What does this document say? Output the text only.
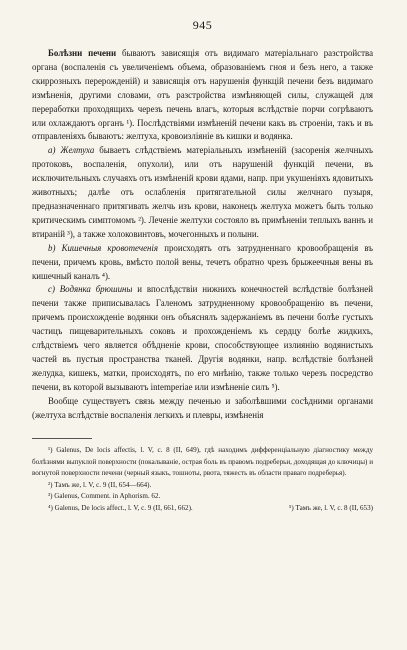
945

Болѣзни печени бываютъ зависящія отъ видимаго матеріальнаго разстройства органа (воспаленія съ увеличеніемъ объема, образованіемъ гноя и безъ него, а также скиррозныхъ перерожденій) и зависящія отъ нарушенія функцій печени безъ видимаго измѣненія, другими словами, отъ разстройства измѣняющей силы, служащей для переработки проходящихъ черезъ печень влагъ, которыя вслѣдствіе порчи согрѣваютъ или охлаждаютъ органъ ¹). Послѣдствіями измѣненій печени какъ въ строеніи, такъ и въ отправленіяхъ бываютъ: желтуха, кровоизліяніе въ кишки и водянка.

а) Желтуха бываетъ слѣдствіемъ матеріальныхъ измѣненій (засоренія желчныхъ протоковъ, воспаленія, опухоли), или отъ нарушеній функцій печени, въ исключительныхъ случаяхъ отъ измѣненій крови ядами, напр. при укушеніяхъ ядовитыхъ животныхъ; далѣе отъ ослабленія притягательной силы желчнаго пузыря, предназначеннаго притягивать желчь изъ крови, наконецъ желтуха можетъ быть только критическимъ симптомомъ ²). Леченіе желтухи состояло въ примѣненіи теплыхъ ваннъ и втираній ³), а также холоковинтовъ, мочегонныхъ и полыни.

b) Кишечныя кровотеченія происходятъ отъ затрудненнаго кровообращенія въ печени, причемъ кровь, вмѣсто полой вены, течетъ обратно чрезъ брыжеечныя вены въ кишечный каналъ ⁴).

c) Водянка брюшины и впослѣдствіи нижнихъ конечностей вслѣдствіе болѣзней печени также приписывалась Галеномъ затрудненному кровообращенію въ печени, причемъ происхожденіе водянки онъ объяснялъ задержаніемъ въ печени болѣе густыхъ частицъ пищеварительныхъ соковъ и прохожденіемъ къ сердцу болѣе жидкихъ, слѣдствіемъ чего является обѣдненіе крови, способствующее излиянію водянистыхъ частей въ пустыя пространства тканей. Другія водянки, напр. вслѣдствіе болѣзней желудка, кишекъ, матки, происходятъ, по его мнѣнію, также только черезъ посредство печени, въ которой вызываютъ intemperiae или измѣненіе силъ ⁵).

Вообще существуетъ связь между печенью и заболѣвшими сосѣдними органами (желтуха вслѣдствіе воспаленія легкихъ и плевры, измѣненія

¹) Galenus, De locis affectis, l. V, c. 8 (II, 649), гдѣ находимъ дифференціальную діагностику между болѣзнями выпуклой поверхности (покалываніе, острая боль въ правомъ подреберьи, доходящая до ключицы) и вогнутой поверхности печени (черный языкъ, тошноты, рвота, тяжесть въ области праваго подреберья).

²) Тамъ же, l. V, c. 9 (II, 654—664).

³) Galenus, Comment. in Aphorism. 62.

⁴) Galenus, De locis affect., l. V, c. 9 (II, 661, 662).	⁵) Тамъ же, l. V, c. 8 (II, 653)
